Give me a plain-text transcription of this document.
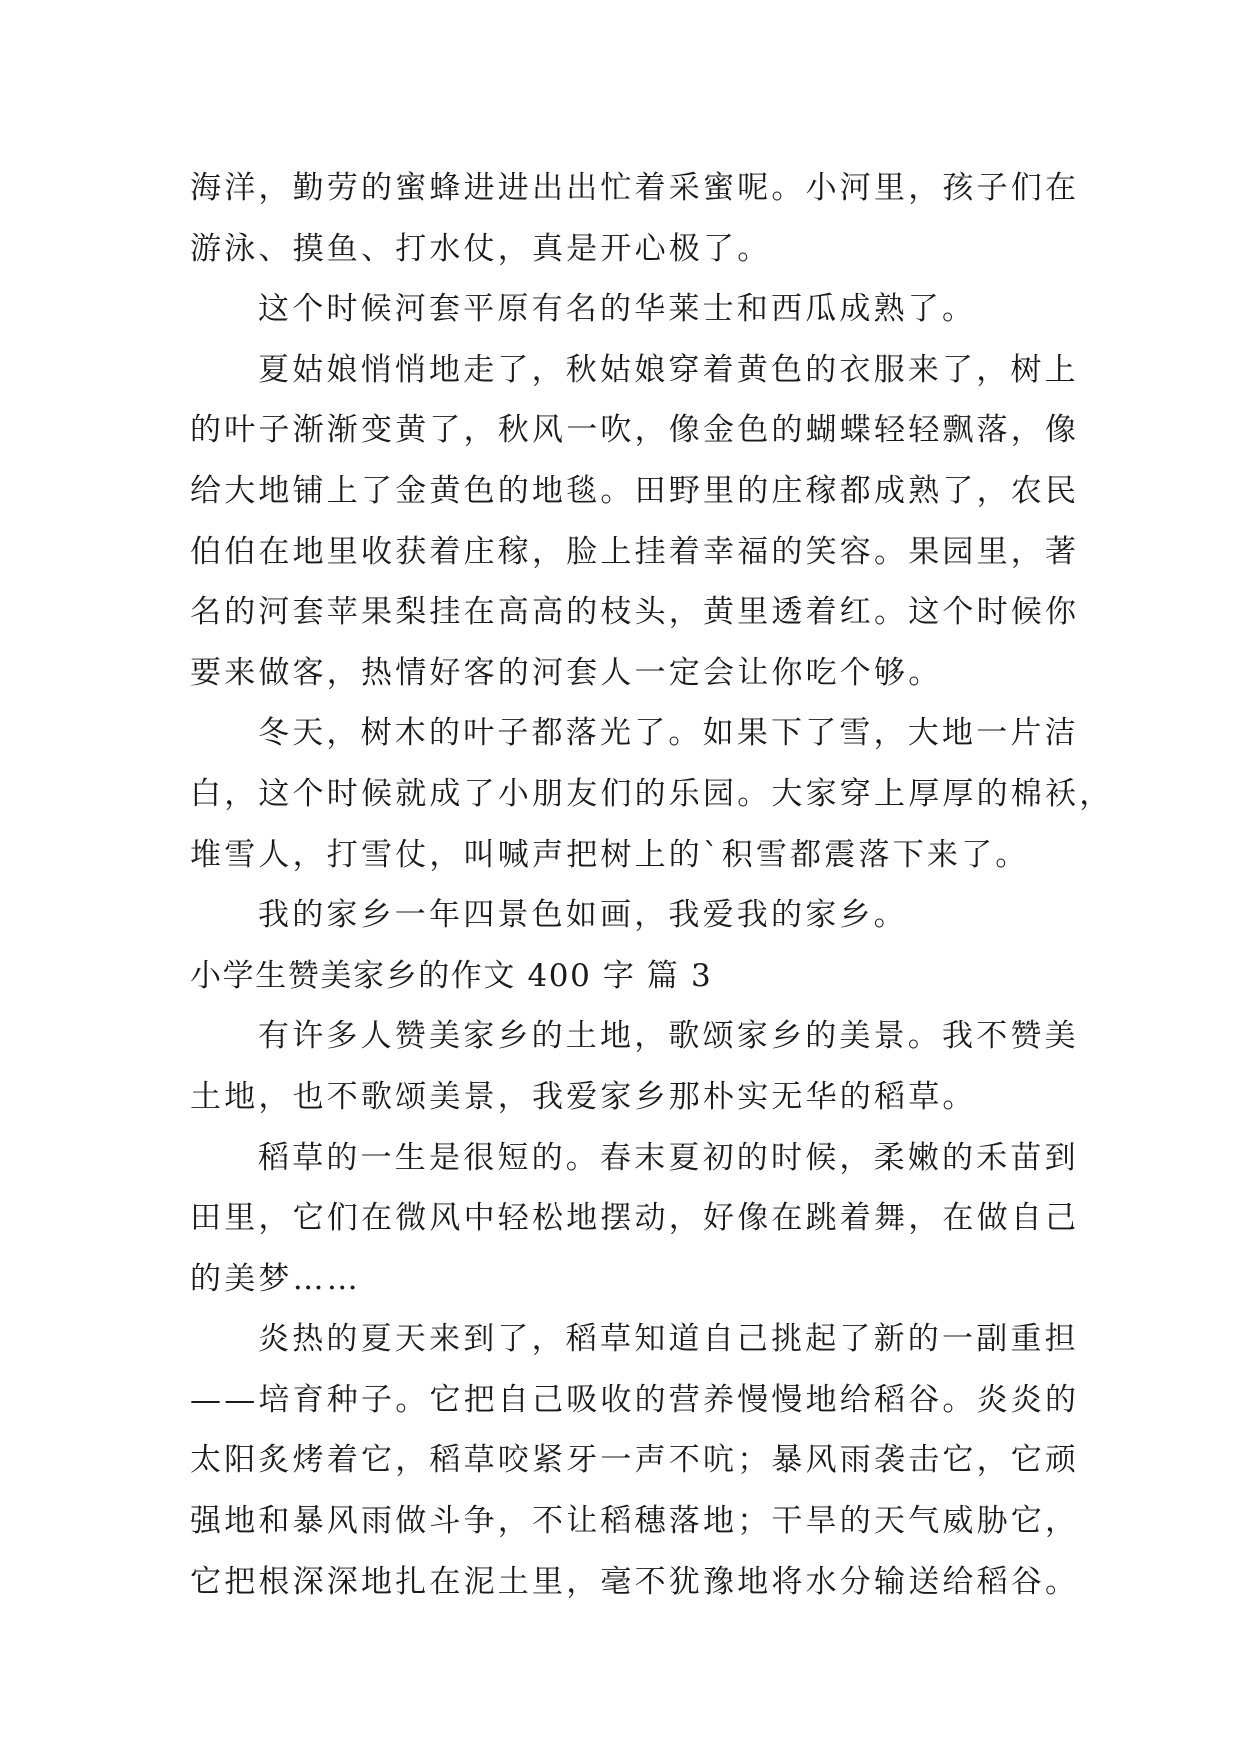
海洋，勤劳的蜜蜂进进出出忙着采蜜呢。小河里，孩子们在
游泳、摸鱼、打水仗，真是开心极了。

这个时候河套平原有名的华莱士和西瓜成熟了。

夏姑娘悄悄地走了，秋姑娘穿着黄色的衣服来了，树上
的叶子渐渐变黄了，秋风一吹，像金色的蝴蝶轻轻飘落，像
给大地铺上了金黄色的地毯。田野里的庄稼都成熟了，农民
伯伯在地里收获着庄稼，脸上挂着幸福的笑容。果园里，著
名的河套苹果梨挂在高高的枝头，黄里透着红。这个时候你
要来做客，热情好客的河套人一定会让你吃个够。

冬天，树木的叶子都落光了。如果下了雪，大地一片洁
白，这个时候就成了小朋友们的乐园。大家穿上厚厚的棉袄，
堆雪人，打雪仗，叫喊声把树上的`积雪都震落下来了。

我的家乡一年四景色如画，我爱我的家乡。

小学生赞美家乡的作文 400 字 篇 3

有许多人赞美家乡的土地，歌颂家乡的美景。我不赞美
土地，也不歌颂美景，我爱家乡那朴实无华的稻草。

稻草的一生是很短的。春末夏初的时候，柔嫩的禾苗到
田里，它们在微风中轻松地摆动，好像在跳着舞，在做自己
的美梦……

炎热的夏天来到了，稻草知道自己挑起了新的一副重担
——培育种子。它把自己吸收的营养慢慢地给稻谷。炎炎的
太阳炙烤着它，稻草咬紧牙一声不吭；暴风雨袭击它，它顽
强地和暴风雨做斗争，不让稻穗落地；干旱的天气威胁它，
它把根深深地扎在泥土里，毫不犹豫地将水分输送给稻谷。
